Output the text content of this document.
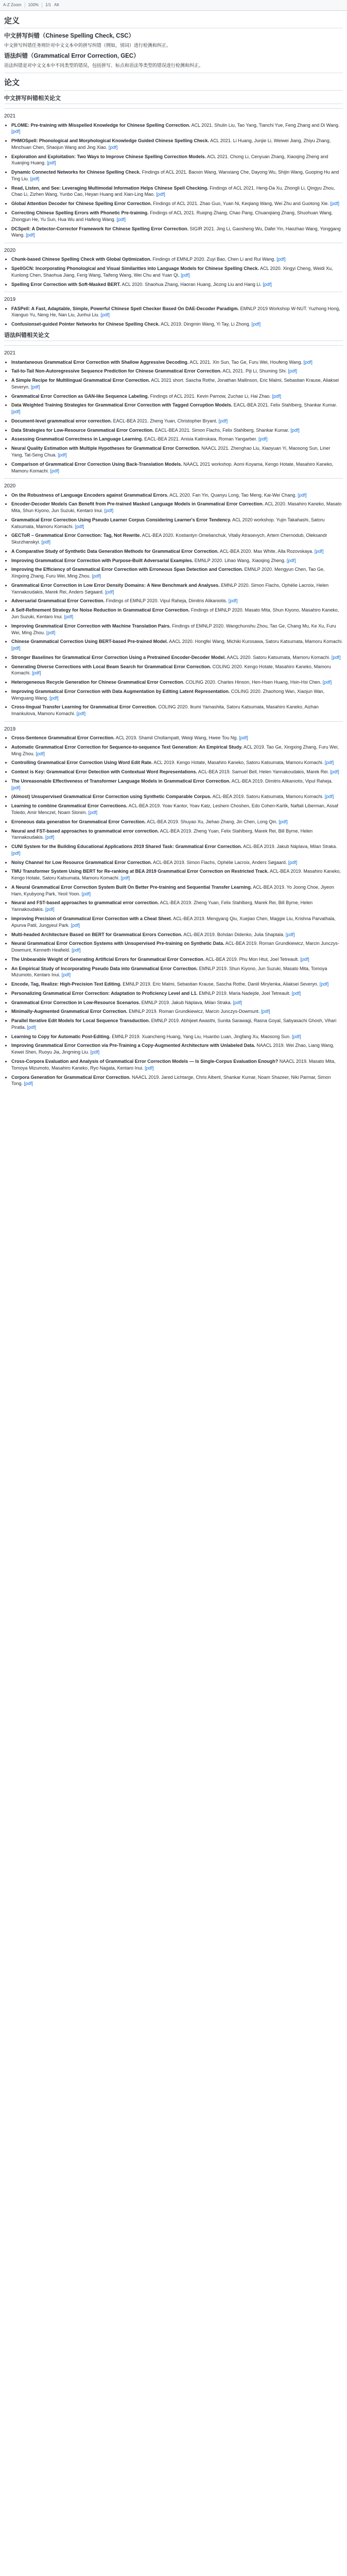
A-Z Zoom 100% 1/1 Alt
定义
中文拼写纠错（Chinese Spelling Check, CSC）

中文拼写纠错任务则针对中文文本中的拼写纠错（例如，别词）进行检测和纠正。

语法纠错（Grammatical Error Correction, GEC）

语法纠错是对中文文本中不同类型的错误，包括拼写、标点和语法等类型的错误进行检测和纠正。

论文
中文拼写纠错相关论文
2021
• PLOME: Pre-training with Misspelled Knowledge for Chinese Spelling Correction. ACL 2021. Shulin Liu, Tao Yang, Tianchi Yue, Feng Zhang and Di Wang. [pdf]
• PHMOSpell: Phonological and Morphological Knowledge Guided Chinese Spelling Check. ACL 2021. Li Huang, Junjie Li, Weiwei Jiang, Zhiyu Zhang, Minchuan Chen, Shaojun Wang and Jing Xiao. [pdf]
• Exploration and Exploitation: Two Ways to Improve Chinese Spelling Correction Models. ACL 2021. Chong Li, Cenyuan Zhang, Xiaoqing Zheng and Xuanjing Huang. [pdf]
• Dynamic Connected Networks for Chinese Spelling Check. Findings of ACL 2021. Baoxin Wang, Wanxiang Che, Dayong Wu, Shijin Wang, Guoping Hu and Ting Liu. [pdf]
• Read, Listen, and See: Leveraging Multimodal Information Helps Chinese Spell Checking. Findings of ACL 2021. Heng-Da Xu, Zhongli Li, Qingyu Zhou, Chao Li, Zizhen Wang, Yunbo Cao, Heyan Huang and Xian-Ling Mao. [pdf]
• Global Attention Decoder for Chinese Spelling Error Correction. Findings of ACL 2021. Zhao Guo, Yuan Ni, Keqiang Wang, Wei Zhu and Guotong Xie. [pdf]
• Correcting Chinese Spelling Errors with Phonetic Pre-training. Findings of ACL 2021. Ruiqing Zhang, Chao Pang, Chuanqiang Zhang, Shuohuan Wang, Zhongjun He, Yu Sun, Hua Wu and Haifeng Wang. [pdf]
• DCSpell: A Detector-Corrector Framework for Chinese Spelling Error Correction. SIGIR 2021. Jing Li, Gaosheng Wu, Dafei Yin, Haozhao Wang, Yonggang Wang. [pdf]
2020
• Chunk-based Chinese Spelling Check with Global Optimization. Findings of EMNLP 2020. Zuyi Bao, Chen Li and Rui Wang. [pdf]
• SpellGCN: Incorporating Phonological and Visual Similarities into Language Models for Chinese Spelling Check. ACL 2020. Xingyi Cheng, Weidi Xu, Kunlong Chen, Shaohua Jiang, Feng Wang, Taifeng Wang, Wei Chu and Yuan Qi. [pdf]
• Spelling Error Correction with Soft-Masked BERT. ACL 2020. Shaohua Zhang, Haoran Huang, Jicong Liu and Hang Li. [pdf]
2019
• FASPell: A Fast, Adaptable, Simple, Powerful Chinese Spell Checker Based On DAE-Decoder Paradigm. EMNLP 2019 Workshop W-NUT. Yuzhong Hong, Xianguo Yu, Neng He, Nan Liu, Junhui Liu. [pdf]
• Confusionset-guided Pointer Networks for Chinese Spelling Check. ACL 2019. Dingmin Wang, Yi Tay, Li Zhong. [pdf]
语法纠错相关论文
2021
• Instantaneous Grammatical Error Correction with Shallow Aggressive Decoding. ACL 2021. Xin Sun, Tao Ge, Furu Wei, Houfeng Wang. [pdf]
• Tail-to-Tail Non-Autoregressive Sequence Prediction for Chinese Grammatical Error Correction. ACL 2021. Piji Li, Shuming Shi. [pdf]
• A Simple Recipe for Multilingual Grammatical Error Correction. ACL 2021 short. Sascha Rothe, Jonathan Mallinson, Eric Malmi, Sebastian Krause, Aliaksei Severyn. [pdf]
• Grammatical Error Correction as GAN-like Sequence Labeling. Findings of ACL 2021. Kevin Parnow, Zuchao Li, Hai Zhao. [pdf]
• Data Weighted Training Strategies for Grammatical Error Correction with Tagged Corruption Models. EACL-BEA 2021. Felix Stahlberg, Shankar Kumar. [pdf]
• Document-level grammatical error correction. EACL-BEA 2021. Zheng Yuan, Christopher Bryant. [pdf]
• Data Strategies for Low-Resource Grammatical Error Correction. EACL-BEA 2021. Simon Flachs, Felix Stahlberg, Shankar Kumar. [pdf]
• Assessing Grammatical Correctness in Language Learning. EACL-BEA 2021. Anisia Katinskaia, Roman Yangarber. [pdf]
• Neural Quality Estimation with Multiple Hypotheses for Grammatical Error Correction. NAACL 2021. Zhenghao Liu, Xiaoyuan Yi, Maosong Sun, Liner Yang, Tat-Seng Chua. [pdf]
• Comparison of Grammatical Error Correction Using Back-Translation Models. NAACL 2021 workshop. Aomi Koyama, Kengo Hotate, Masahiro Kaneko, Mamoru Komachi. [pdf]
2020
• On the Robustness of Language Encoders against Grammatical Errors. ACL 2020. Fan Yin, Quanyu Long, Tao Meng, Kai-Wei Chang. [pdf]
• Encoder-Decoder Models Can Benefit from Pre-trained Masked Language Models in Grammatical Error Correction. ACL 2020. Masahiro Kaneko, Masato Mita, Shun Kiyono, Jun Suzuki, Kentaro Inui. [pdf]
• Grammatical Error Correction Using Pseudo Learner Corpus Considering Learner's Error Tendency. ACL 2020 workshop. Yujin Takahashi, Satoru Katsumata, Mamoru Komachi. [pdf]
• GECToR – Grammatical Error Correction: Tag, Not Rewrite. ACL-BEA 2020. Kostiantyn Omelianchuk, Vitaliy Atrasevych, Artem Chernodub, Oleksandr Skurzhanskyi. [pdf]
• A Comparative Study of Synthetic Data Generation Methods for Grammatical Error Correction. ACL-BEA 2020. Max White, Alla Rozovskaya. [pdf]
• Improving Grammatical Error Correction with Purpose-Built Adversarial Examples. EMNLP 2020. Lihao Wang, Xiaoqing Zheng. [pdf]
• Improving the Efficiency of Grammatical Error Correction with Erroneous Span Detection and Correction. EMNLP 2020. Mengyun Chen, Tao Ge, Xingxing Zhang, Furu Wei, Ming Zhou. [pdf]
• Grammatical Error Correction in Low Error Density Domains: A New Benchmark and Analyses. EMNLP 2020. Simon Flachs, Ophélie Lacroix, Helen Yannakoudakis, Marek Rei, Anders Søgaard. [pdf]
• Adversarial Grammatical Error Correction. Findings of EMNLP 2020. Vipul Raheja, Dimitris Alikaniotis. [pdf]
• A Self-Refinement Strategy for Noise Reduction in Grammatical Error Correction. Findings of EMNLP 2020. Masato Mita, Shun Kiyono, Masahiro Kaneko, Jun Suzuki, Kentaro Inui. [pdf]
• Improving Grammatical Error Correction with Machine Translation Pairs. Findings of EMNLP 2020. Wangchunshu Zhou, Tao Ge, Chang Mu, Ke Xu, Furu Wei, Ming Zhou. [pdf]
• Chinese Grammatical Correction Using BERT-based Pre-trained Model. AACL 2020. Hongfei Wang, Michiki Kurosawa, Satoru Katsumata, Mamoru Komachi. [pdf]
• Stronger Baselines for Grammatical Error Correction Using a Pretrained Encoder-Decoder Model. AACL 2020. Satoru Katsumata, Mamoru Komachi. [pdf]
• Generating Diverse Corrections with Local Beam Search for Grammatical Error Correction. COLING 2020. Kengo Hotate, Masahiro Kaneko, Mamoru Komachi. [pdf]
• Heterogeneous Recycle Generation for Chinese Grammatical Error Correction. COLING 2020. Charles Hinson, Hen-Hsen Huang, Hsin-Hsi Chen. [pdf]
• Improving Grammatical Error Correction with Data Augmentation by Editing Latent Representation. COLING 2020. Zhaohong Wan, Xiaojun Wan, Wenguang Wang. [pdf]
• Cross-lingual Transfer Learning for Grammatical Error Correction. COLING 2020. Ikumi Yamashita, Satoru Katsumata, Masahiro Kaneko, Aizhan Imankulova, Mamoru Komachi. [pdf]
2019
• Cross-Sentence Grammatical Error Correction. ACL 2019. Shamil Chollampatt, Weiqi Wang, Hwee Tou Ng. [pdf]
• Automatic Grammatical Error Correction for Sequence-to-sequence Text Generation: An Empirical Study. ACL 2019. Tao Ge, Xingxing Zhang, Furu Wei, Ming Zhou. [pdf]
• Controlling Grammatical Error Correction Using Word Edit Rate. ACL 2019. Kengo Hotate, Masahiro Kaneko, Satoru Katsumata, Mamoru Komachi. [pdf]
• Context is Key: Grammatical Error Detection with Contextual Word Representations. ACL-BEA 2019. Samuel Bell, Helen Yannakoudakis, Marek Rei. [pdf]
• The Unreasonable Effectiveness of Transformer Language Models in Grammatical Error Correction. ACL-BEA 2019. Dimitris Alikaniotis, Vipul Raheja. [pdf]
• (Almost) Unsupervised Grammatical Error Correction using Synthetic Comparable Corpus. ACL-BEA 2019. Satoru Katsumata, Mamoru Komachi. [pdf]
• Learning to combine Grammatical Error Corrections. ACL-BEA 2019. Yoav Kantor, Yoav Katz, Leshem Choshen, Edo Cohen-Karlik, Naftali Liberman, Assaf Toledo, Amir Menczel, Noam Slonim. [pdf]
• Erroneous data generation for Grammatical Error Correction. ACL-BEA 2019. Shuyao Xu, Jiehao Zhang, Jin Chen, Long Qin. [pdf]
• Neural and FST-based approaches to grammatical error correction. ACL-BEA 2019. Zheng Yuan, Felix Stahlberg, Marek Rei, Bill Byrne, Helen Yannakoudakis. [pdf]
• CUNI System for the Building Educational Applications 2019 Shared Task: Grammatical Error Correction. ACL-BEA 2019. Jakub Náplava, Milan Straka. [pdf]
• Noisy Channel for Low Resource Grammatical Error Correction. ACL-BEA 2019. Simon Flachs, Ophélie Lacroix, Anders Søgaard. [pdf]
• TMU Transformer System Using BERT for Re-ranking at BEA 2019 Grammatical Error Correction on Restricted Track. ACL-BEA 2019. Masahiro Kaneko, Kengo Hotate, Satoru Katsumata, Mamoru Komachi. [pdf]
• A Neural Grammatical Error Correction System Built On Better Pre-training and Sequential Transfer Learning. ACL-BEA 2019. Yo Joong Choe, Jiyeon Ham, Kyubyong Park, Yeoil Yoon. [pdf]
• Neural and FST-based approaches to grammatical error correction. ACL-BEA 2019. Zheng Yuan, Felix Stahlberg, Marek Rei, Bill Byrne, Helen Yannakoudakis. [pdf]
• Improving Precision of Grammatical Error Correction with a Cheat Sheet. ACL-BEA 2019. Mengyang Qiu, Xuejiao Chen, Maggie Liu, Krishna Parvathala, Apurva Patil, Jungyeul Park. [pdf]
• Multi-headed Architecture Based on BERT for Grammatical Errors Correction. ACL-BEA 2019. Bohdan Didenko, Julia Shaptala. [pdf]
• Neural Grammatical Error Correction Systems with Unsupervised Pre-training on Synthetic Data. ACL-BEA 2019. Roman Grundkiewicz, Marcin Junczys-Dowmunt, Kenneth Heafield. [pdf]
• The Unbearable Weight of Generating Artificial Errors for Grammatical Error Correction. ACL-BEA 2019. Phu Mon Htut, Joel Tetreault. [pdf]
• An Empirical Study of Incorporating Pseudo Data into Grammatical Error Correction. EMNLP 2019. Shun Kiyono, Jun Suzuki, Masato Mita, Tomoya Mizumoto, Kentaro Inui. [pdf]
• Encode, Tag, Realize: High-Precision Text Editing. EMNLP 2019. Eric Malmi, Sebastian Krause, Sascha Rothe, Daniil Mirylenka, Aliaksei Severyn. [pdf]
• Personalizing Grammatical Error Correction: Adaptation to Proficiency Level and L1. EMNLP 2019. Maria Nadejde, Joel Tetreault. [pdf]
• Grammatical Error Correction in Low-Resource Scenarios. EMNLP 2019. Jakub Náplava, Milan Straka. [pdf]
• Minimally-Augmented Grammatical Error Correction. EMNLP 2019. Roman Grundkiewicz, Marcin Junczys-Dowmunt. [pdf]
• Parallel Iterative Edit Models for Local Sequence Transduction. EMNLP 2019. Abhijeet Awasthi, Sunita Sarawagi, Rasna Goyal, Sabyasachi Ghosh, Vihari Piratla. [pdf]
• Learning to Copy for Automatic Post-Editing. EMNLP 2019. Xuancheng Huang, Yang Liu, Huanbo Luan, Jingfang Xu, Maosong Sun. [pdf]
• Improving Grammatical Error Correction via Pre-Training a Copy-Augmented Architecture with Unlabeled Data. NAACL 2019. Wei Zhao, Liang Wang, Kewei Shen, Ruoyu Jia, Jingming Liu. [pdf]
• Cross-Corpora Evaluation and Analysis of Grammatical Error Correction Models — Is Single-Corpus Evaluation Enough? NAACL 2019. Masato Mita, Tomoya Mizumoto, Masahiro Kaneko, Ryo Nagata, Kentaro Inui. [pdf]
• Corpora Generation for Grammatical Error Correction. NAACL 2019. Jared Lichtarge, Chris Alberti, Shankar Kumar, Noam Shazeer, Niki Parmar, Simon Tong. [pdf]
